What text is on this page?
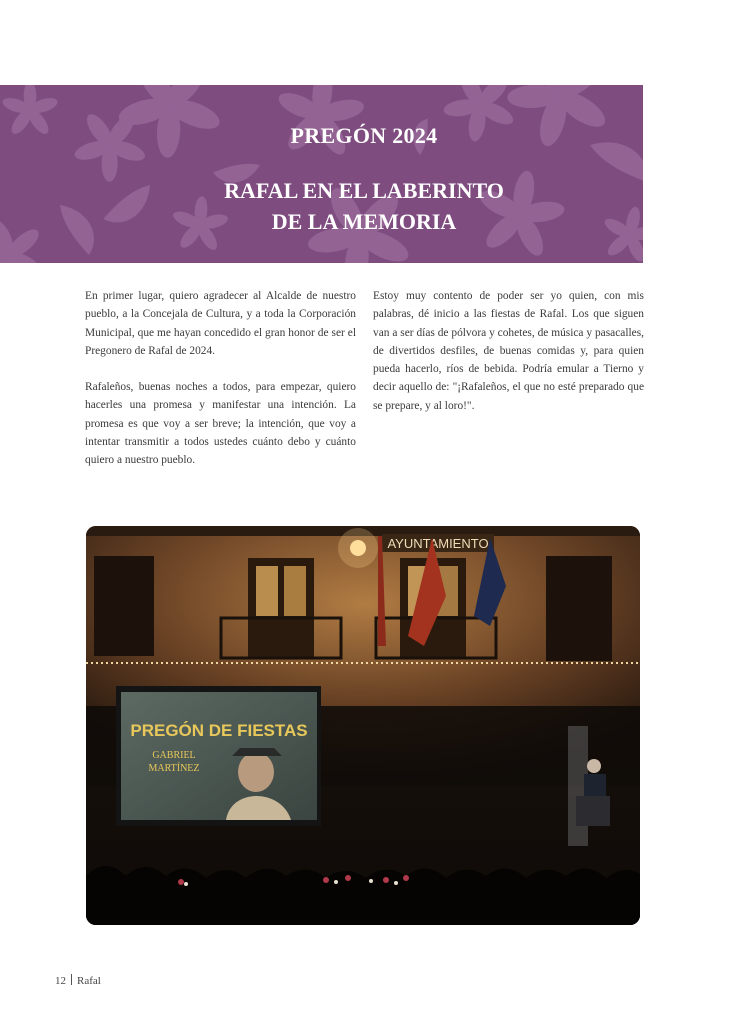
PREGÓN 2024
RAFAL EN EL LABERINTO
DE LA MEMORIA

En primer lugar, quiero agradecer al Alcalde de nuestro pueblo, a la Concejala de Cultura, y a toda la Corporación Municipal, que me hayan concedido el gran honor de ser el Pregonero de Rafal de 2024.

Rafaleños, buenas noches a todos, para empezar, quiero hacerles una promesa y manifestar una intención. La promesa es que voy a ser breve; la intención, que voy a intentar transmitir a todos ustedes cuánto debo y cuánto quiero a nuestro pueblo.

Estoy muy contento de poder ser yo quien, con mis palabras, dé inicio a las fiestas de Rafal. Los que siguen van a ser días de pólvora y cohetes, de música y pasacalles, de divertidos desfiles, de buenas comidas y, para quien pueda hacerlo, ríos de bebida. Podría emular a Tierno y decir aquello de: "¡Rafaleños, el que no esté preparado que se prepare, y al loro!".

AYUNTAMIENTO
PREGÓN DE FIESTAS
GABRIEL
MARTÍNEZ
12 Rafal
